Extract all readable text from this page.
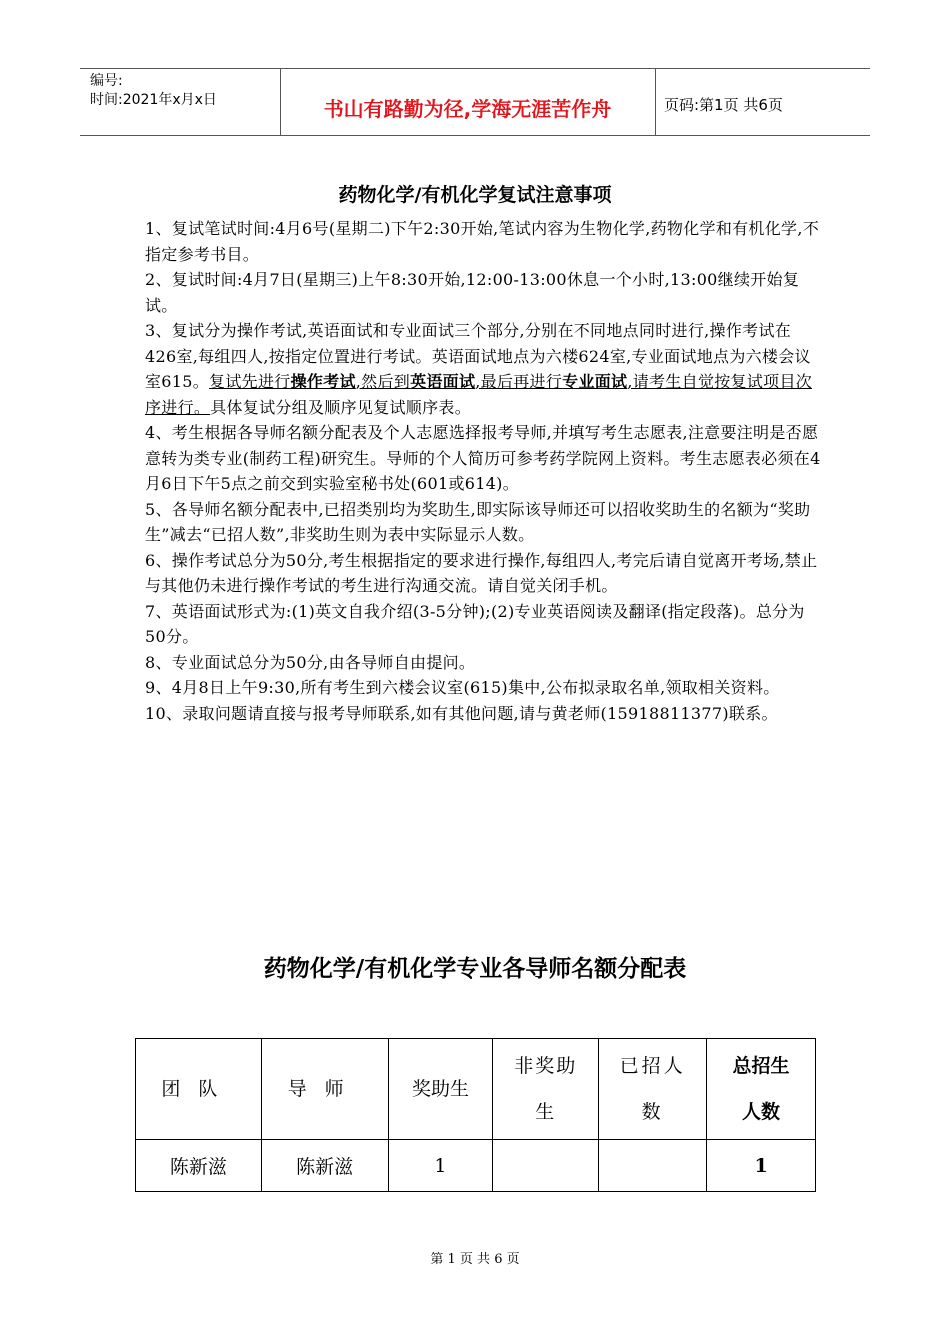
编号:
时间:2021年x月x日	书山有路勤为径,学海无涯苦作舟	页码:第1页 共6页
药物化学/有机化学复试注意事项

1、复试笔试时间:4月6号(星期二)下午2:30开始,笔试内容为生物化学,药物化学和有机化学,不指定参考书目。

2、复试时间:4月7日(星期三)上午8:30开始,12:00-13:00休息一个小时,13:00继续开始复试。

3、复试分为操作考试,英语面试和专业面试三个部分,分别在不同地点同时进行,操作考试在426室,每组四人,按指定位置进行考试。英语面试地点为六楼624室,专业面试地点为六楼会议室615。复试先进行操作考试,然后到英语面试,最后再进行专业面试,请考生自觉按复试项目次序进行。具体复试分组及顺序见复试顺序表。

4、考生根据各导师名额分配表及个人志愿选择报考导师,并填写考生志愿表,注意要注明是否愿意转为类专业(制药工程)研究生。导师的个人简历可参考药学院网上资料。考生志愿表必须在4月6日下午5点之前交到实验室秘书处(601或614)。

5、各导师名额分配表中,已招类别均为奖助生,即实际该导师还可以招收奖助生的名额为“奖助生”减去“已招人数”,非奖助生则为表中实际显示人数。

6、操作考试总分为50分,考生根据指定的要求进行操作,每组四人,考完后请自觉离开考场,禁止与其他仍未进行操作考试的考生进行沟通交流。请自觉关闭手机。

7、英语面试形式为:(1)英文自我介绍(3-5分钟);(2)专业英语阅读及翻译(指定段落)。总分为50分。

8、专业面试总分为50分,由各导师自由提问。

9、4月8日上午9:30,所有考生到六楼会议室(615)集中,公布拟录取名单,领取相关资料。

10、录取问题请直接与报考导师联系,如有其他问题,请与黄老师(15918811377)联系。

药物化学/有机化学专业各导师名额分配表
团队	导师	奖助生	非奖助生	已招人数	总招生人数
陈新滋	陈新滋	1			1
第 1 页 共 6 页
